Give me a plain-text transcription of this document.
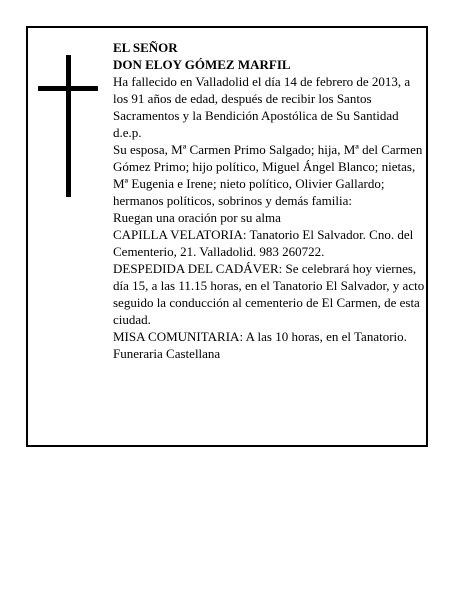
EL SEÑOR

DON ELOY GÓMEZ MARFIL

Ha fallecido en Valladolid el día 14 de febrero de 2013, a los 91 años de edad, después de recibir los Santos Sacramentos y la Bendición Apostólica de Su Santidad d.e.p.

Su esposa, Mª Carmen Primo Salgado; hija, Mª del Carmen Gómez Primo; hijo político, Miguel Ángel Blanco; nietas, Mª Eugenia e Irene; nieto político, Olivier Gallardo; hermanos políticos, sobrinos y demás familia:

Ruegan una oración por su alma

CAPILLA VELATORIA: Tanatorio El Salvador. Cno. del Cementerio, 21. Valladolid. 983 260722.

DESPEDIDA DEL CADÁVER: Se celebrará hoy viernes, día 15, a las 11.15 horas, en el Tanatorio El Salvador, y acto seguido la conducción al cementerio de El Carmen, de esta ciudad.

MISA COMUNITARIA: A las 10 horas, en el Tanatorio.

Funeraria Castellana
